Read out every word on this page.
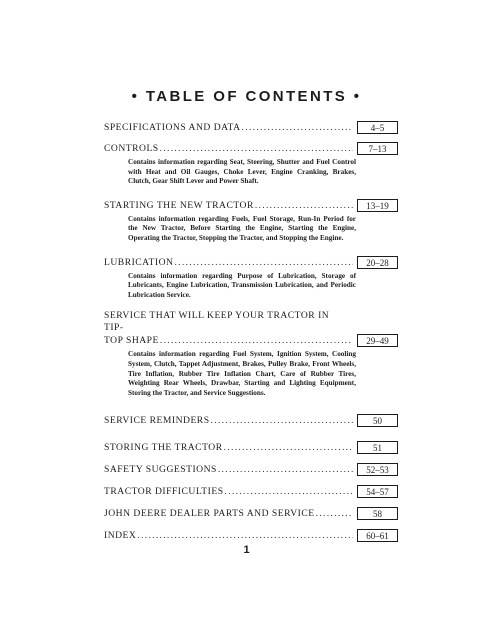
• TABLE OF CONTENTS •
SPECIFICATIONS AND DATA .....	4–5
CONTROLS .....	7–13
Contains information regarding Seat, Steering, Shutter and Fuel Control with Heat and Oil Gauges, Choke Lever, Engine Cranking, Brakes, Clutch, Gear Shift Lever and Power Shaft.
STARTING THE NEW TRACTOR .....	13–19
Contains information regarding Fuels, Fuel Storage, Run-In Period for the New Tractor, Before Starting the Engine, Starting the Engine, Operating the Tractor, Stopping the Tractor, and Stopping the Engine.
LUBRICATION .....	20–28
Contains information regarding Purpose of Lubrication, Storage of Lubricants, Engine Lubrication, Transmission Lubrication, and Periodic Lubrication Service.
SERVICE THAT WILL KEEP YOUR TRACTOR IN TIP-
TOP SHAPE .....	29–49
Contains information regarding Fuel System, Ignition System, Cooling System, Clutch, Tappet Adjustment, Brakes, Pulley Brake, Front Wheels, Tire Inflation, Rubber Tire Inflation Chart, Care of Rubber Tires, Weighting Rear Wheels, Drawbar, Starting and Lighting Equipment, Storing the Tractor, and Service Suggestions.
SERVICE REMINDERS .....	50
STORING THE TRACTOR .....	51
SAFETY SUGGESTIONS .....	52–53
TRACTOR DIFFICULTIES .....	54–57
JOHN DEERE DEALER PARTS AND SERVICE .....	58
INDEX .....	60–61
1
